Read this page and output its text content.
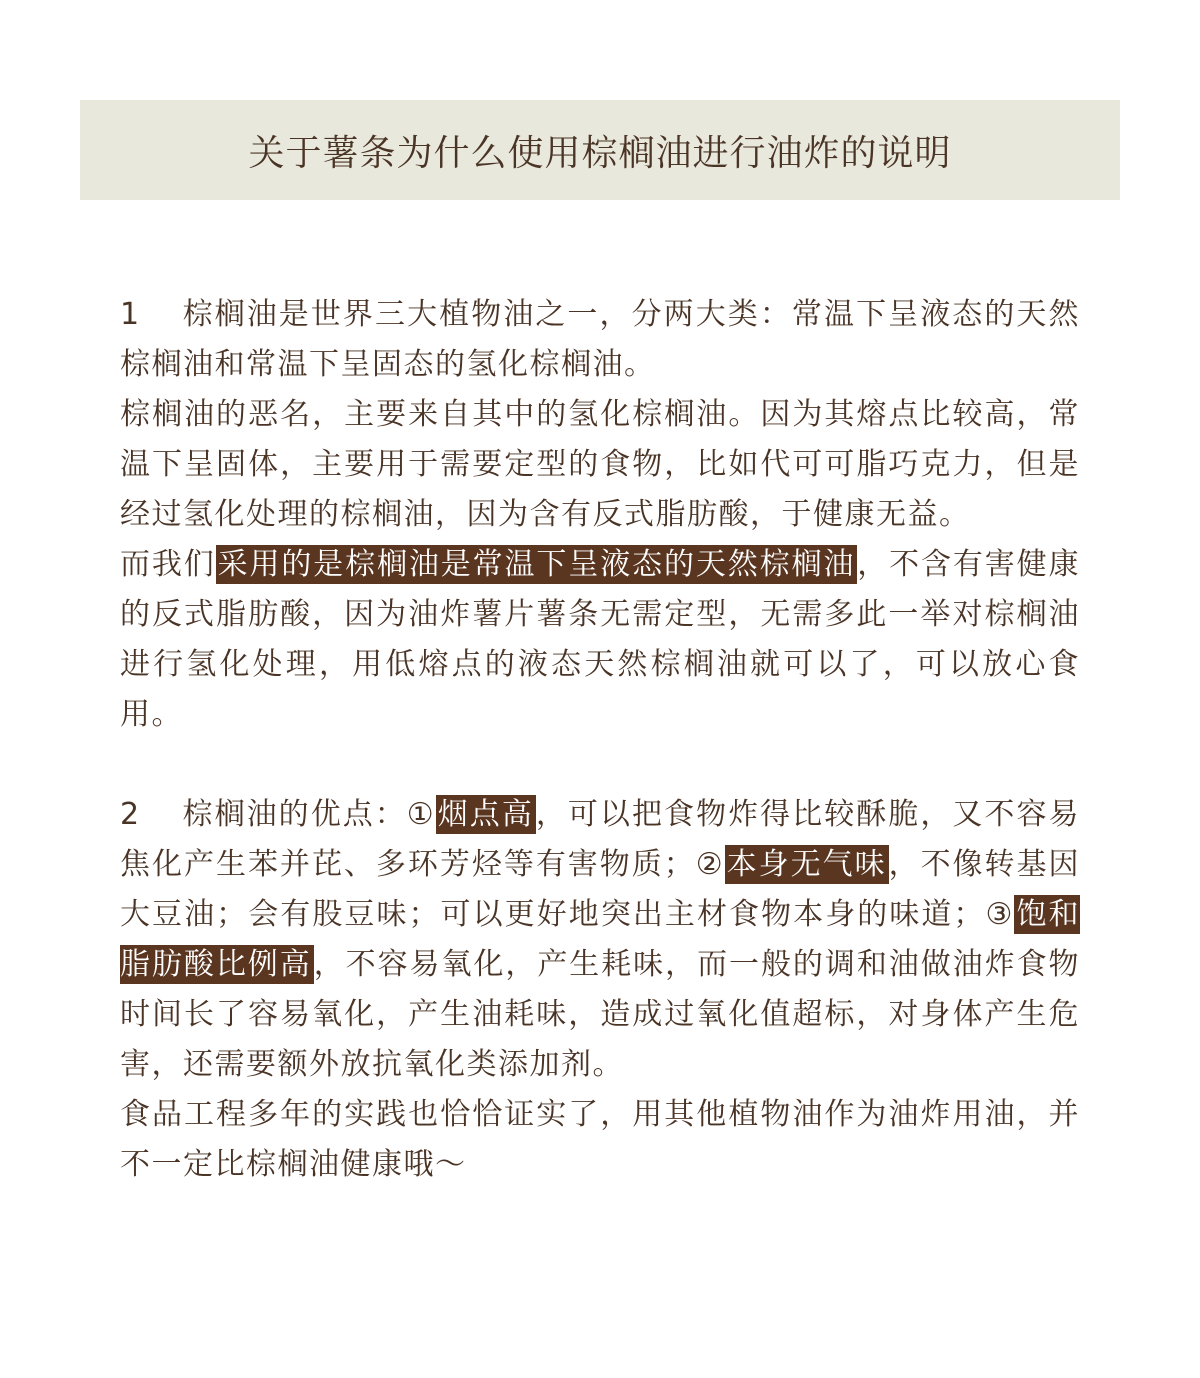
关于薯条为什么使用棕榈油进行油炸的说明

1 棕榈油是世界三大植物油之一，分两大类：常温下呈液态的天然棕榈油和常温下呈固态的氢化棕榈油。

棕榈油的恶名，主要来自其中的氢化棕榈油。因为其熔点比较高，常温下呈固体，主要用于需要定型的食物，比如代可可脂巧克力，但是经过氢化处理的棕榈油，因为含有反式脂肪酸，于健康无益。

而我们采用的是棕榈油是常温下呈液态的天然棕榈油，不含有害健康的反式脂肪酸，因为油炸薯片薯条无需定型，无需多此一举对棕榈油进行氢化处理，用低熔点的液态天然棕榈油就可以了，可以放心食用。

2 棕榈油的优点：①烟点高，可以把食物炸得比较酥脆，又不容易焦化产生苯并芘、多环芳烃等有害物质；②本身无气味，不像转基因大豆油；会有股豆味；可以更好地突出主材食物本身的味道；③饱和脂肪酸比例高，不容易氧化，产生耗味，而一般的调和油做油炸食物时间长了容易氧化，产生油耗味，造成过氧化值超标，对身体产生危害，还需要额外放抗氧化类添加剂。

食品工程多年的实践也恰恰证实了，用其他植物油作为油炸用油，并不一定比棕榈油健康哦～
